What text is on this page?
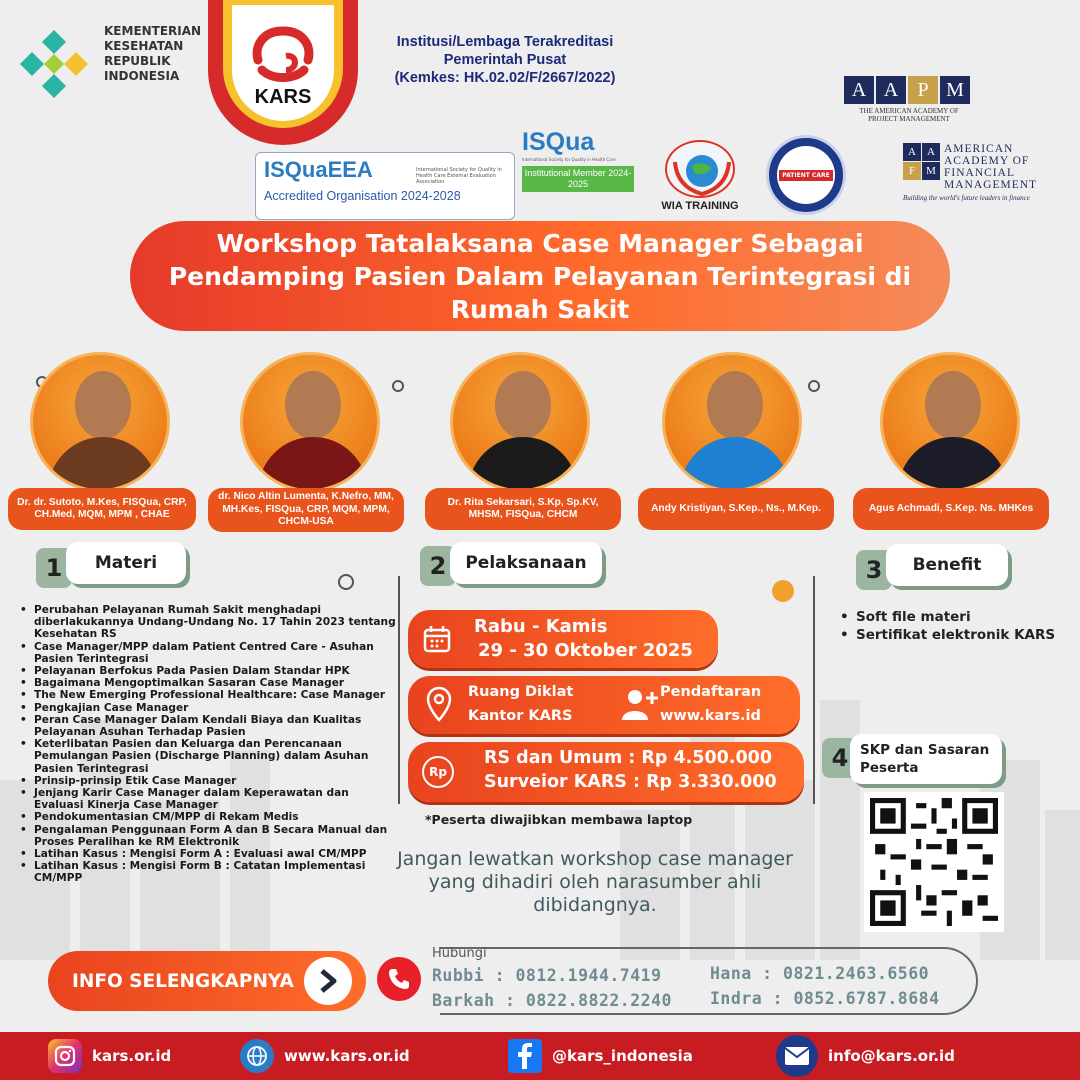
KEMENTERIAN
KESEHATAN
REPUBLIK
INDONESIA
KARS
Institusi/Lembaga Terakreditasi
Pemerintah Pusat
(Kemkes: HK.02.02/F/2667/2022)
A A P M
THE AMERICAN ACADEMY OF PROJECT MANAGEMENT
ISQuaEEA	International Society for Quality in Health Care External Evaluation Association
Accredited Organisation 2024-2028
ISQua
International Society for Quality in Health Care
Institutional Member 2024-2025
WIA TRAINING
PATIENT CARE
A	A
F	M
AMERICAN
ACADEMY OF
FINANCIAL
MANAGEMENT
Building the world's future leaders in finance
Workshop Tatalaksana Case Manager Sebagai Pendamping Pasien Dalam Pelayanan Terintegrasi di Rumah Sakit
Dr. dr. Sutoto, M.Kes, FISQua, CRP, CH.Med, MQM, MPM , CHAE
dr. Nico Altin Lumenta, K.Nefro, MM, MH.Kes, FISQua, CRP, MQM, MPM, CHCM-USA
Dr. Rita Sekarsari, S.Kp, Sp.KV, MHSM, FISQua, CHCM
Andy Kristiyan, S.Kep., Ns., M.Kep.	Agus Achmadi, S.Kep. Ns. MHKes
1	Materi
• Perubahan Pelayanan Rumah Sakit menghadapi diberlakukannya Undang-Undang No. 17 Tahin 2023 tentang Kesehatan RS
• Case Manager/MPP dalam Patient Centred Care - Asuhan Pasien Terintegrasi
• Pelayanan Berfokus Pada Pasien Dalam Standar HPK
• Bagaimana Mengoptimalkan Sasaran Case Manager
• The New Emerging Professional Healthcare: Case Manager
• Pengkajian Case Manager
• Peran Case Manager Dalam Kendali Biaya dan Kualitas Pelayanan Asuhan Terhadap Pasien
• Keterlibatan Pasien dan Keluarga dan Perencanaan Pemulangan Pasien (Discharge Planning) dalam Asuhan Pasien Terintegrasi
• Prinsip-prinsip Etik Case Manager
• Jenjang Karir Case Manager dalam Keperawatan dan Evaluasi Kinerja Case Manager
• Pendokumentasian CM/MPP di Rekam Medis
• Pengalaman Penggunaan Form A dan B Secara Manual dan Proses Peralihan ke RM Elektronik
• Latihan Kasus : Mengisi Form A : Evaluasi awal CM/MPP
• Latihan Kasus : Mengisi Form B : Catatan Implementasi CM/MPP
2	Pelaksanaan
Rabu - Kamis
29 - 30 Oktober 2025
Ruang Diklat
Kantor KARS
Pendaftaran
www.kars.id
Rp
RS dan Umum : Rp 4.500.000
Surveior KARS : Rp 3.330.000
*Peserta diwajibkan membawa laptop
Jangan lewatkan workshop case manager yang dihadiri oleh narasumber ahli dibidangnya.
3	Benefit
• Soft file materi
• Sertifikat elektronik KARS
4 SKP dan Sasaran Peserta
INFO SELENGKAPNYA
Hubungi
Rubbi : 0812.1944.7419
Barkah : 0822.8822.2240
Hana : 0821.2463.6560
Indra : 0852.6787.8684
kars.or.id	www.kars.or.id	@kars_indonesia	info@kars.or.id
